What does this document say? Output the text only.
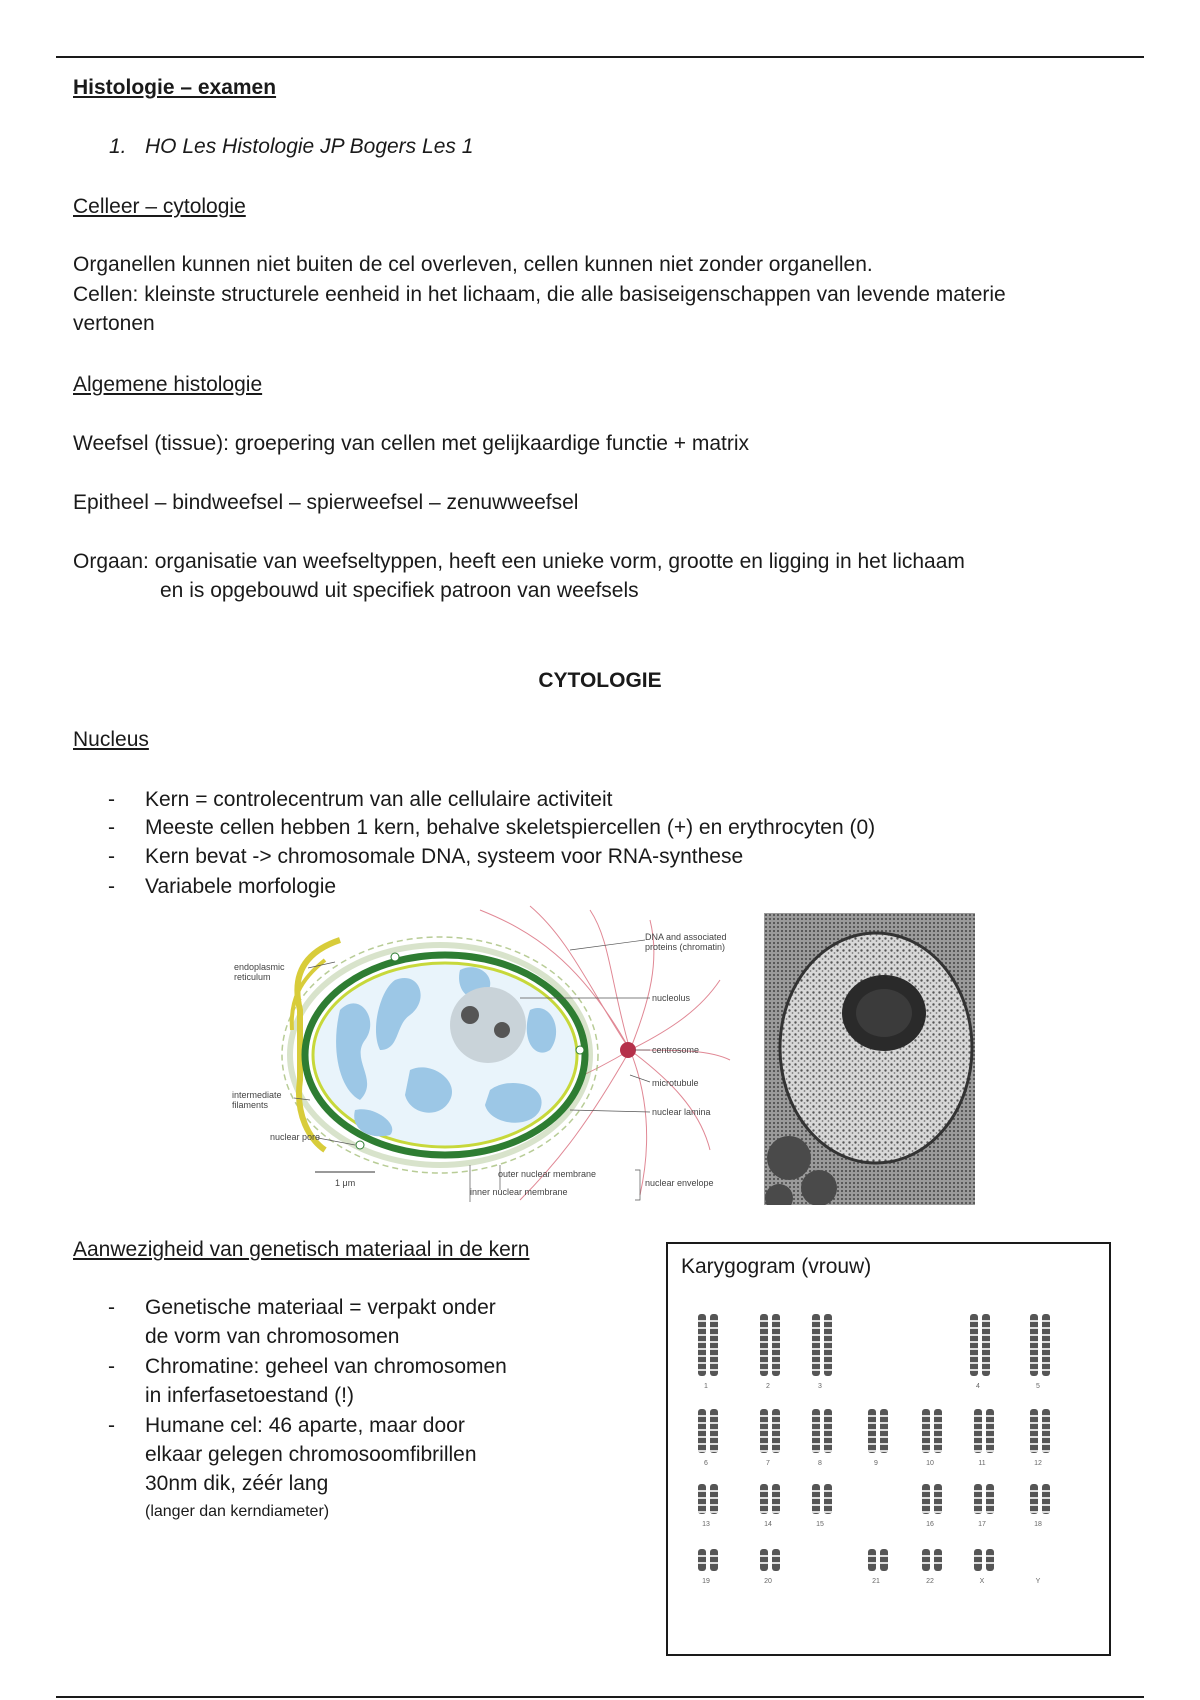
Histologie – examen
1. HO Les Histologie JP Bogers Les 1
Celleer – cytologie
Organellen kunnen niet buiten de cel overleven, cellen kunnen niet zonder organellen.
Cellen: kleinste structurele eenheid in het lichaam, die alle basiseigenschappen van levende materie
vertonen
Algemene histologie
Weefsel (tissue): groepering van cellen met gelijkaardige functie + matrix
Epitheel – bindweefsel – spierweefsel – zenuwweefsel
Orgaan: organisatie van weefseltyppen, heeft een unieke vorm, grootte en ligging in het lichaam
en is opgebouwd uit specifiek patroon van weefsels
CYTOLOGIE
Nucleus
- Kern = controlecentrum van alle cellulaire activiteit
- Meeste cellen hebben 1 kern, behalve skeletspiercellen (+) en erythrocyten (0)
- Kern bevat -> chromosomale DNA, systeem voor RNA-synthese
- Variabele morfologie
endoplasmic
reticulum
DNA and associated
proteins (chromatin)
nucleolus
centrosome
microtubule
nuclear lamina
intermediate
filaments
nuclear pore
1 μm
outer nuclear membrane
inner nuclear membrane
nuclear envelope
Aanwezigheid van genetisch materiaal in de kern
- Genetische materiaal = verpakt onder
de vorm van chromosomen
- Chromatine: geheel van chromosomen
in inferfasetoestand (!)
- Humane cel: 46 aparte, maar door
elkaar gelegen chromosoomfibrillen
30nm dik, zéér lang
(langer dan kerndiameter)
Karygogram (vrouw)
1	2	3	4	5
6	7	8	9	10	11	12
13	14	15	16	17	18
19	20	21	22	X	Y
